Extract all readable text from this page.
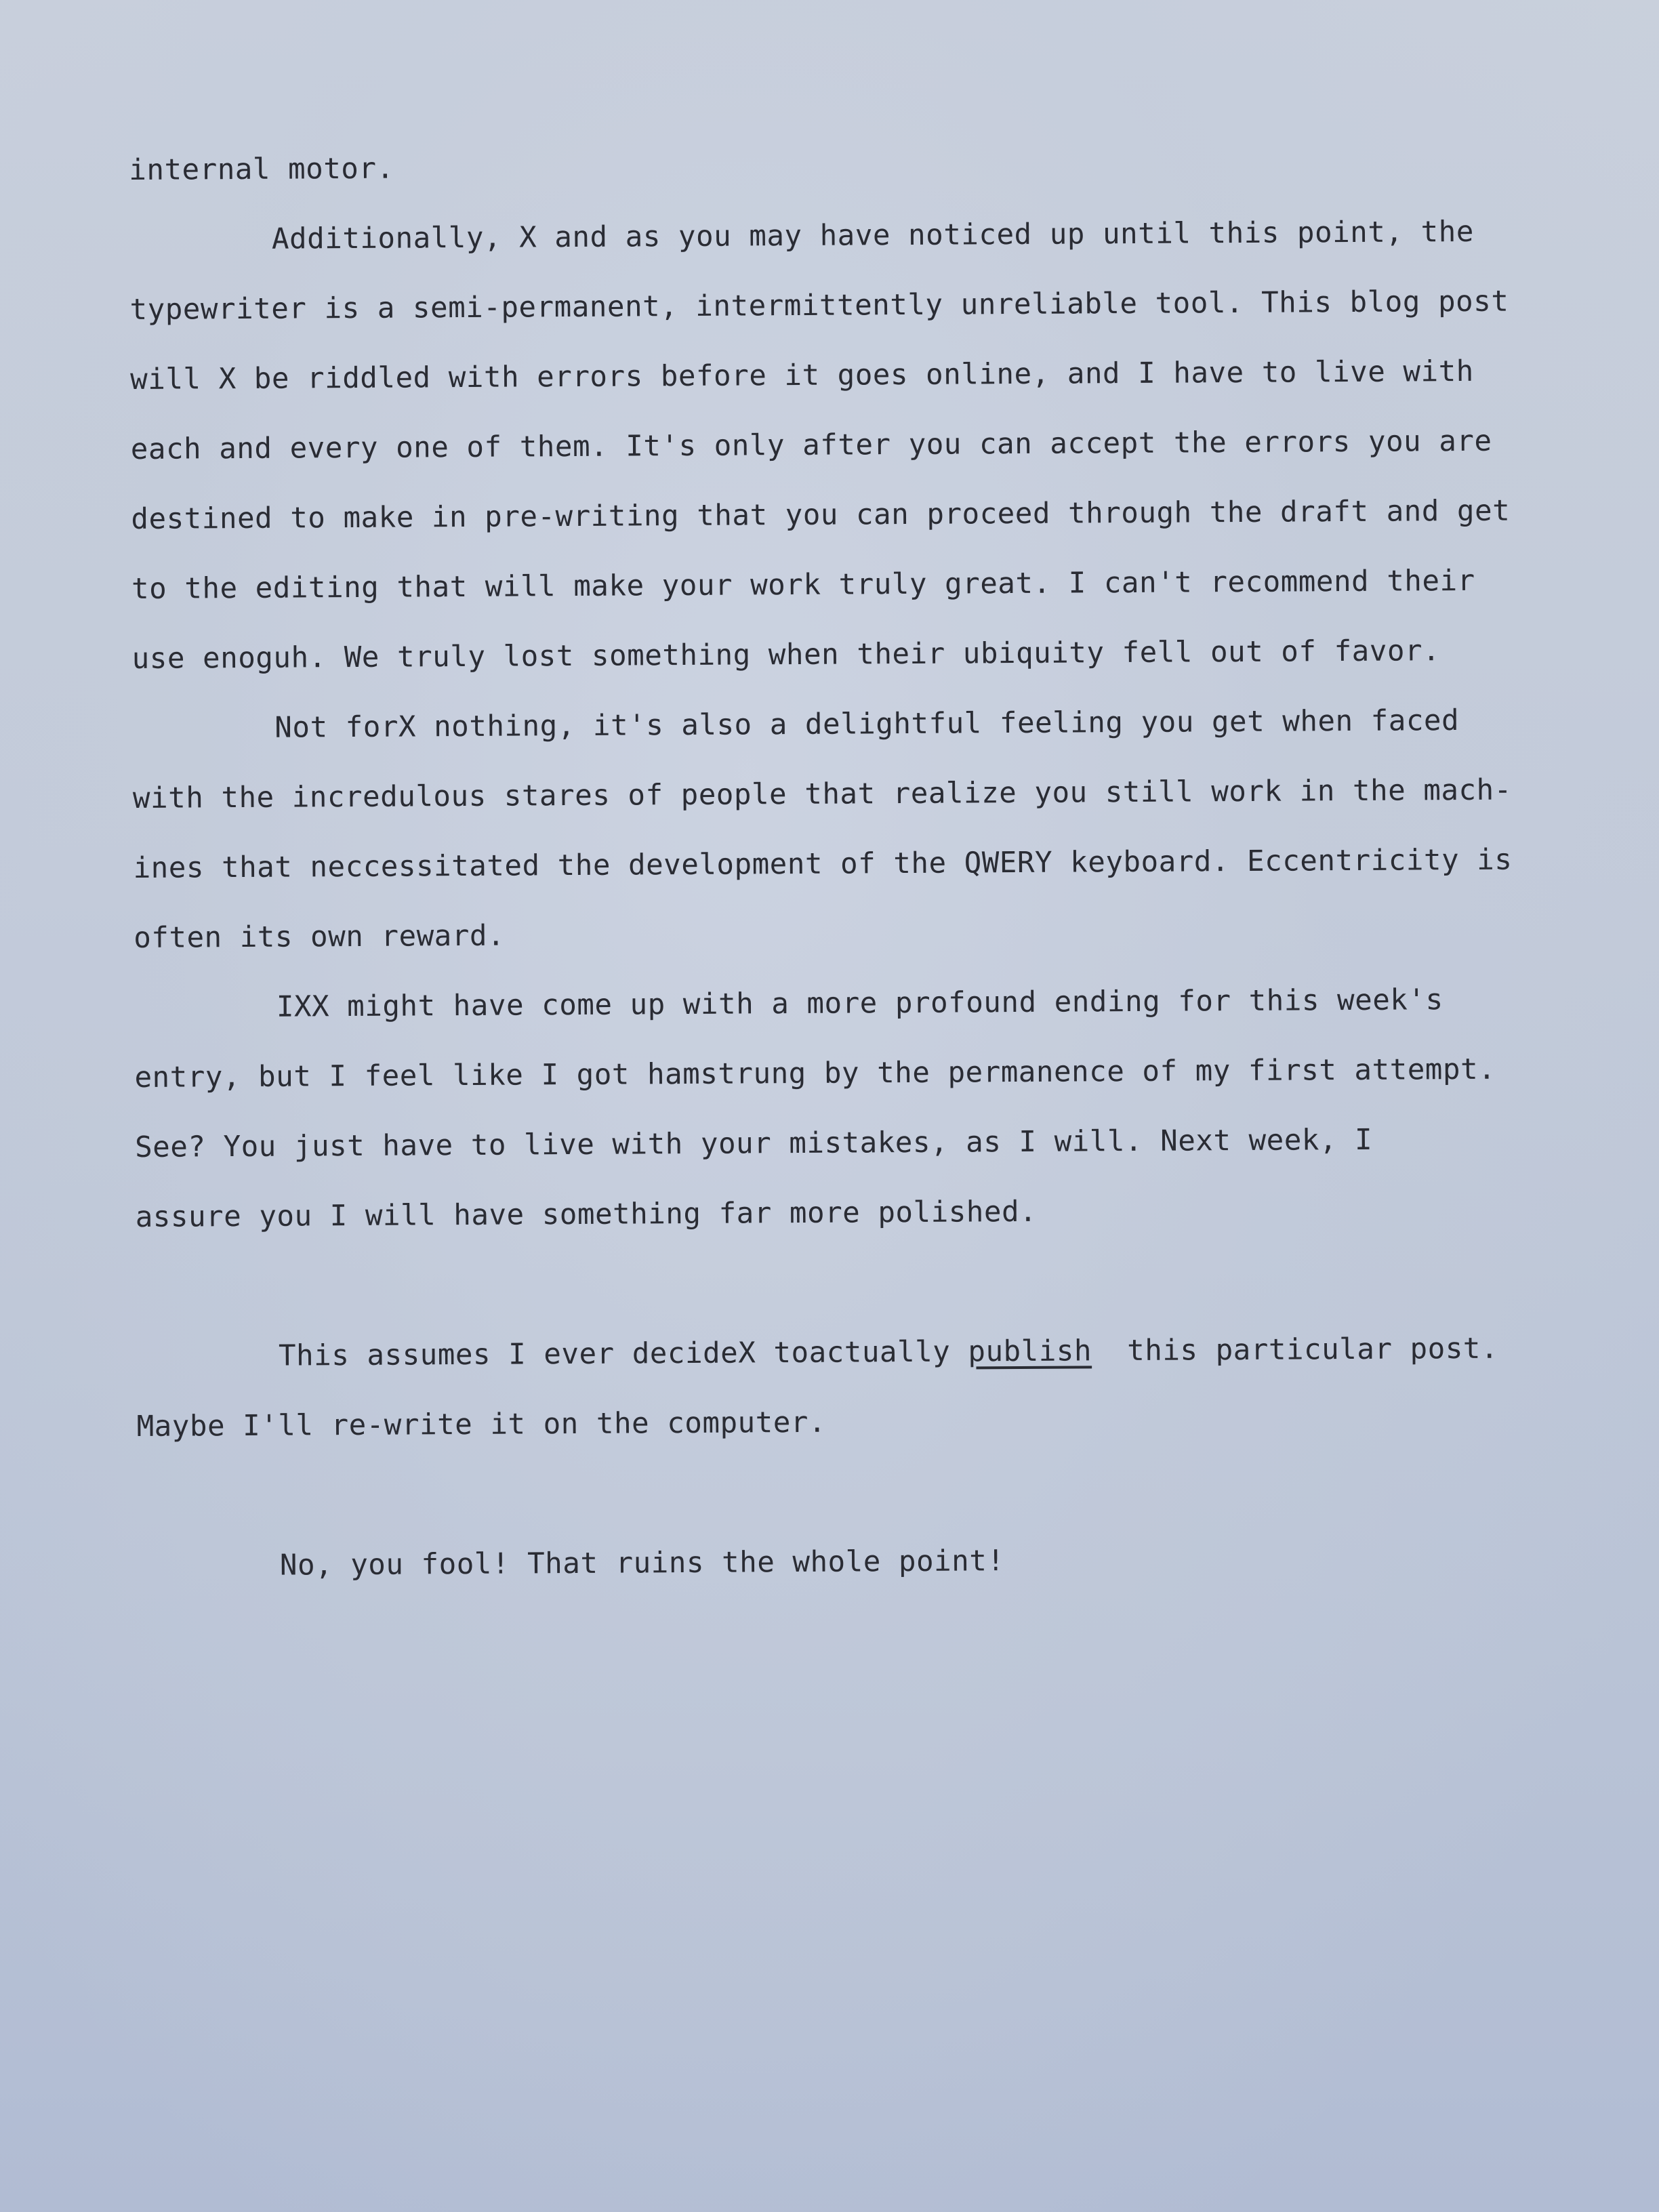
internal motor.
Additionally, X and as you may have noticed up until this point, the
typewriter is a semi-permanent, intermittently unreliable tool. This blog post
will X be riddled with errors before it goes online, and I have to live with
each and every one of them. It's only after you can accept the errors you are
destined to make in pre-writing that you can proceed through the draft and get
to the editing that will make your work truly great. I can't recommend their
use enoguh. We truly lost something when their ubiquity fell out of favor.
Not forX nothing, it's also a delightful feeling you get when faced
with the incredulous stares of people that realize you still work in the mach-
ines that neccessitated the development of the QWERY keyboard. Eccentricity is
often its own reward.
IXX might have come up with a more profound ending for this week's
entry, but I feel like I got hamstrung by the permanence of my first attempt.
See? You just have to live with your mistakes, as I will. Next week, I
assure you I will have something far more polished.
This assumes I ever decideX toactually publish  this particular post.
Maybe I'll re-write it on the computer.
No, you fool! That ruins the whole point!
